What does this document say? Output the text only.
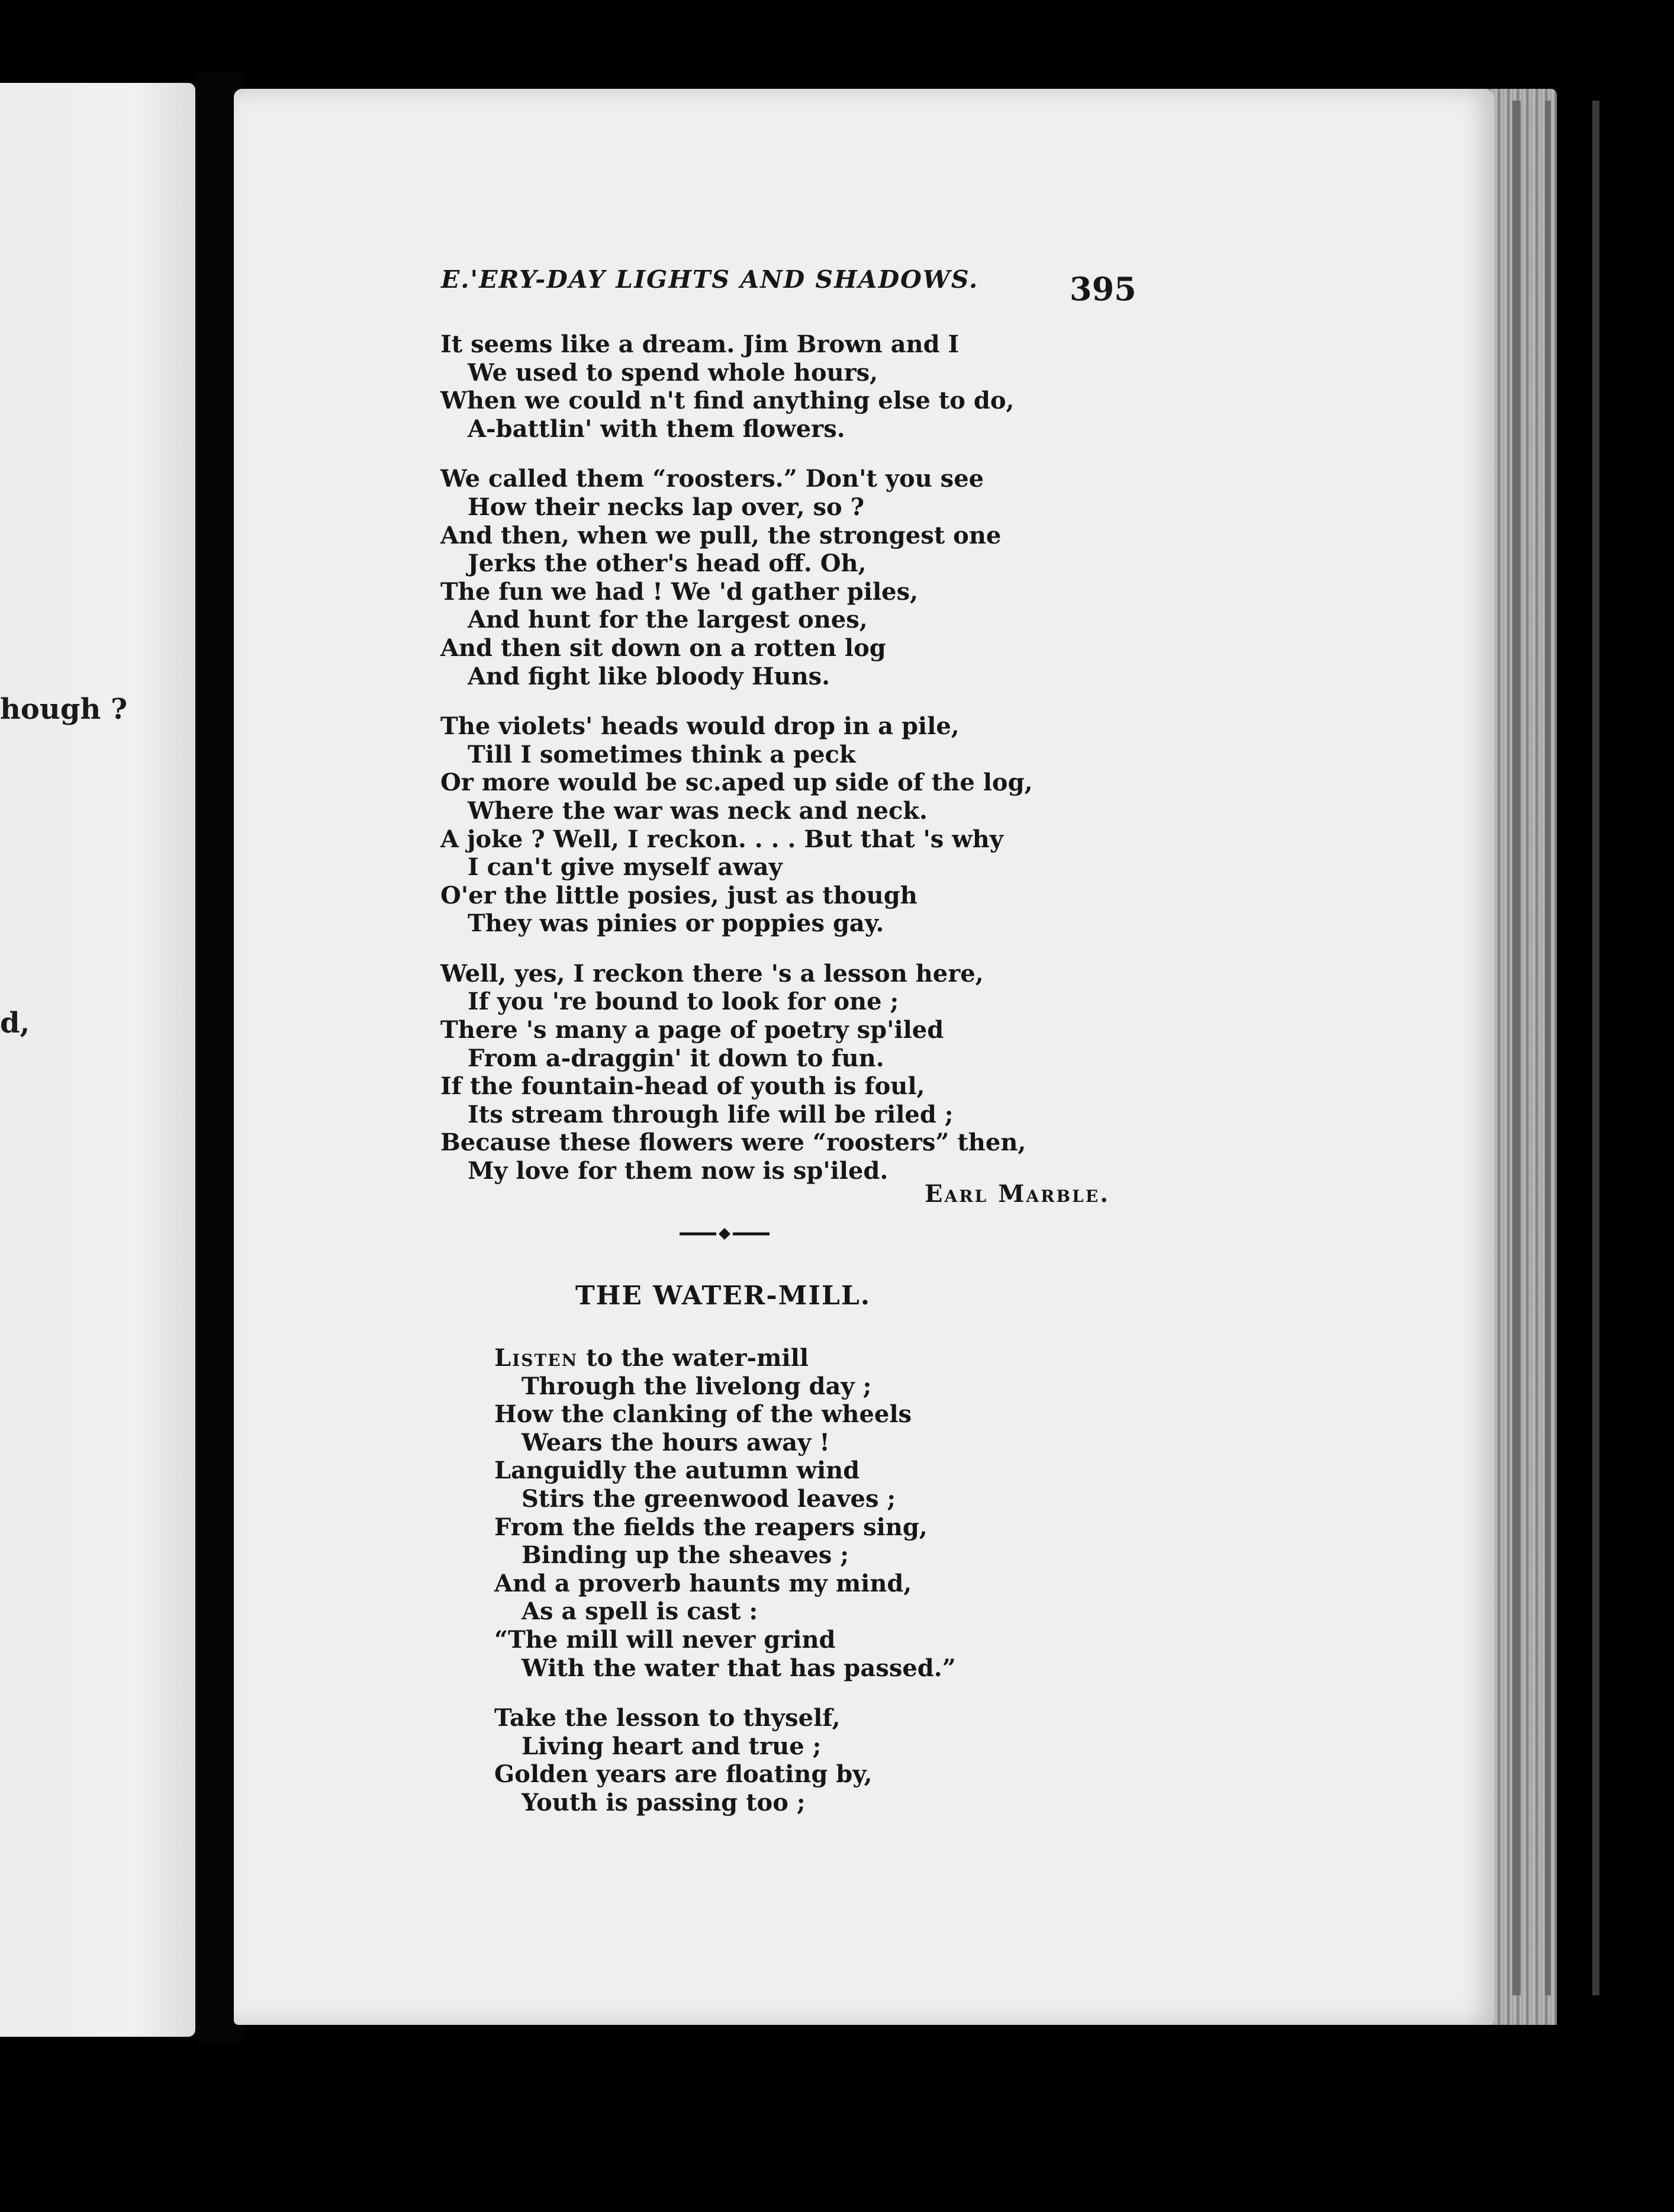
hough ?
d,
E.'ERY-DAY LIGHTS AND SHADOWS.	395
It seems like a dream. Jim Brown and I
We used to spend whole hours,
When we could n't find anything else to do,
A-battlin' with them flowers.
We called them “roosters.” Don't you see
How their necks lap over, so ?
And then, when we pull, the strongest one
Jerks the other's head off. Oh,
The fun we had ! We 'd gather piles,
And hunt for the largest ones,
And then sit down on a rotten log
And fight like bloody Huns.
The violets' heads would drop in a pile,
Till I sometimes think a peck
Or more would be sc.aped up side of the log,
Where the war was neck and neck.
A joke ? Well, I reckon. . . . But that 's why
I can't give myself away
O'er the little posies, just as though
They was pinies or poppies gay.
Well, yes, I reckon there 's a lesson here,
If you 're bound to look for one ;
There 's many a page of poetry sp'iled
From a-draggin' it down to fun.
If the fountain-head of youth is foul,
Its stream through life will be riled ;
Because these flowers were “roosters” then,
My love for them now is sp'iled.
Earl Marble.
THE WATER-MILL.
Listen to the water-mill
Through the livelong day ;
How the clanking of the wheels
Wears the hours away !
Languidly the autumn wind
Stirs the greenwood leaves ;
From the fields the reapers sing,
Binding up the sheaves ;
And a proverb haunts my mind,
As a spell is cast :
“The mill will never grind
With the water that has passed.”
Take the lesson to thyself,
Living heart and true ;
Golden years are floating by,
Youth is passing too ;
